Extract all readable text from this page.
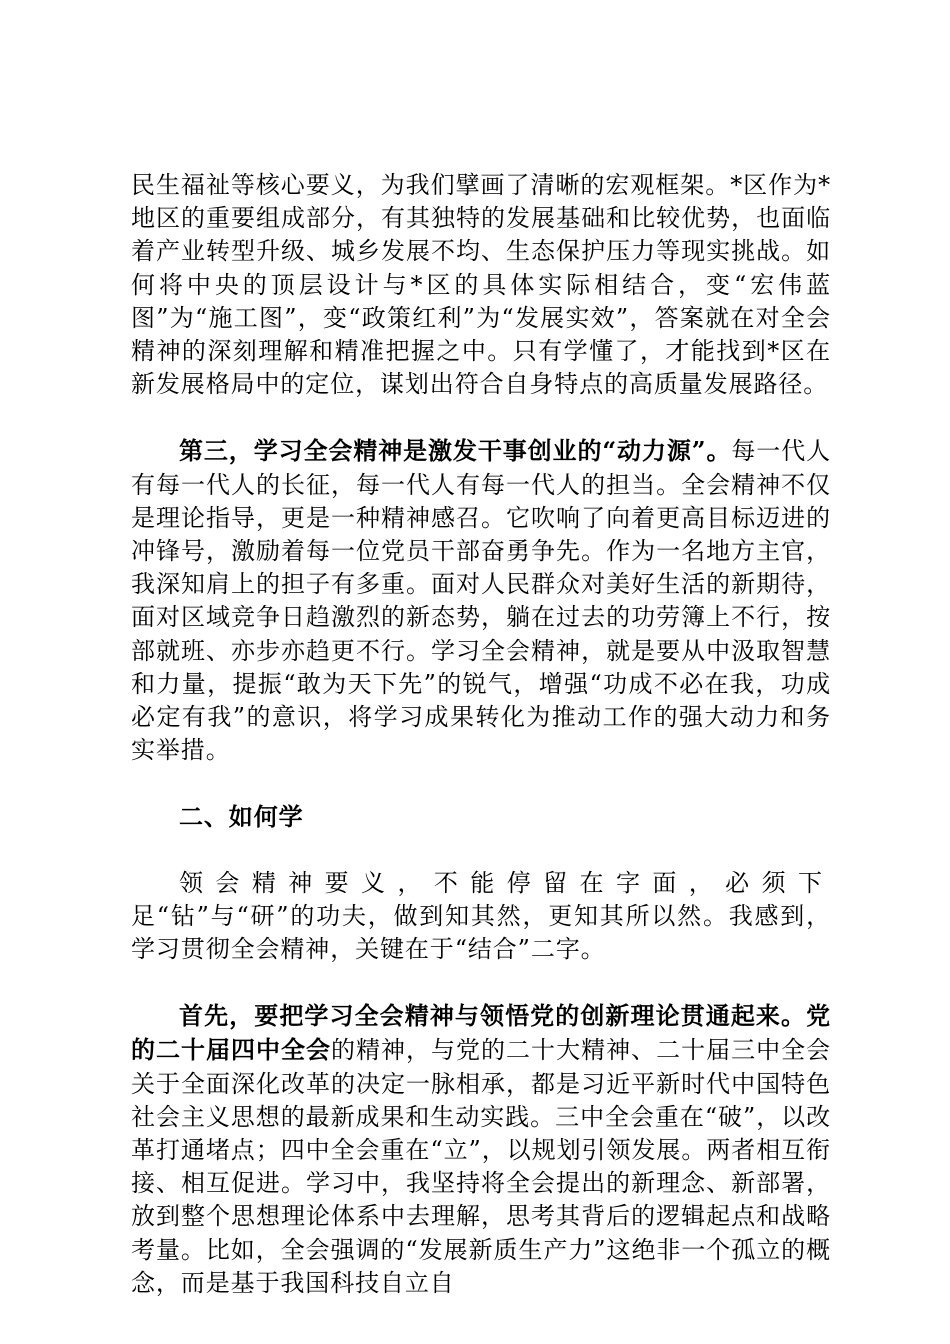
民生福祉等核心要义，为我们擘画了清晰的宏观框架。*区作为*地区的重要组成部分，有其独特的发展基础和比较优势，也面临着产业转型升级、城乡发展不均、生态保护压力等现实挑战。如何将中央的顶层设计与*区的具体实际相结合，变“宏伟蓝图”为“施工图”，变“政策红利”为“发展实效”，答案就在对全会精神的深刻理解和精准把握之中。只有学懂了，才能找到*区在新发展格局中的定位，谋划出符合自身特点的高质量发展路径。

第三，学习全会精神是激发干事创业的“动力源”。每一代人有每一代人的长征，每一代人有每一代人的担当。全会精神不仅是理论指导，更是一种精神感召。它吹响了向着更高目标迈进的冲锋号，激励着每一位党员干部奋勇争先。作为一名地方主官，我深知肩上的担子有多重。面对人民群众对美好生活的新期待，面对区域竞争日趋激烈的新态势，躺在过去的功劳簿上不行，按部就班、亦步亦趋更不行。学习全会精神，就是要从中汲取智慧和力量，提振“敢为天下先”的锐气，增强“功成不必在我，功成必定有我”的意识，将学习成果转化为推动工作的强大动力和务实举措。

二、如何学

领会精神要义，不能停留在字面，必须下足“钻”与“研”的功夫，做到知其然，更知其所以然。我感到，学习贯彻全会精神，关键在于“结合”二字。

首先，要把学习全会精神与领悟党的创新理论贯通起来。党的二十届四中全会的精神，与党的二十大精神、二十届三中全会关于全面深化改革的决定一脉相承，都是习近平新时代中国特色社会主义思想的最新成果和生动实践。三中全会重在“破”，以改革打通堵点；四中全会重在“立”，以规划引领发展。两者相互衔接、相互促进。学习中，我坚持将全会提出的新理念、新部署，放到整个思想理论体系中去理解，思考其背后的逻辑起点和战略考量。比如，全会强调的“发展新质生产力”这绝非一个孤立的概念，而是基于我国科技自立自
